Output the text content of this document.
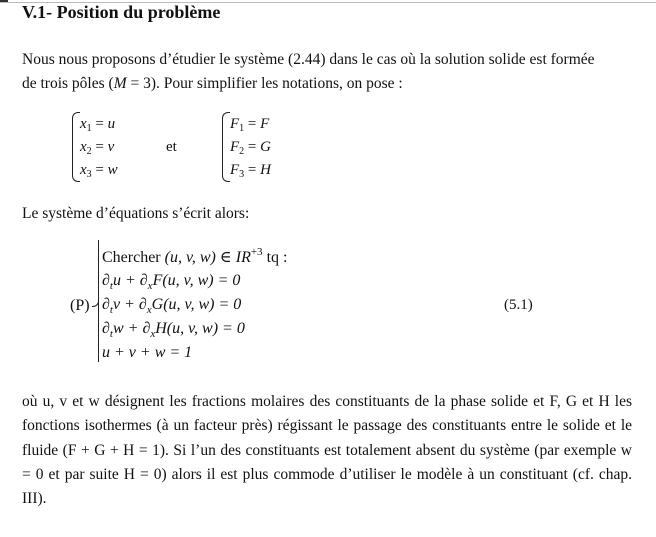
V.1- Position du problème

Nous nous proposons d’étudier le système (2.44) dans le cas où la solution solide est formée
de trois pôles (M = 3). Pour simplifier les notations, on pose :

$x_1 = u$
$x_2 = v$
$x_3 = w$
et
$F_1 = F$
$F_2 = G$
$F_3 = H$

Le système d’équations s’écrit alors:

(P)
Chercher (u, v, w) ∈ $IR^{+3}$ tq :
$\partial_tu + \partial_xF(u$, v, w) = 0
$\partial_tv + \partial_xG(u$, v, w) = 0
$\partial_tw + \partial_xH(u$, v, w) = 0
u + v + w = 1
(5.1)

où u, v et w désignent les fractions molaires des constituants de la phase solide et F, G et H les fonctions isothermes (à un facteur près) régissant le passage des constituants entre le solide et le fluide (F + G + H = 1). Si l’un des constituants est totalement absent du système (par exemple w = 0 et par suite H = 0) alors il est plus commode d’utiliser le modèle à un constituant (cf. chap. III).
